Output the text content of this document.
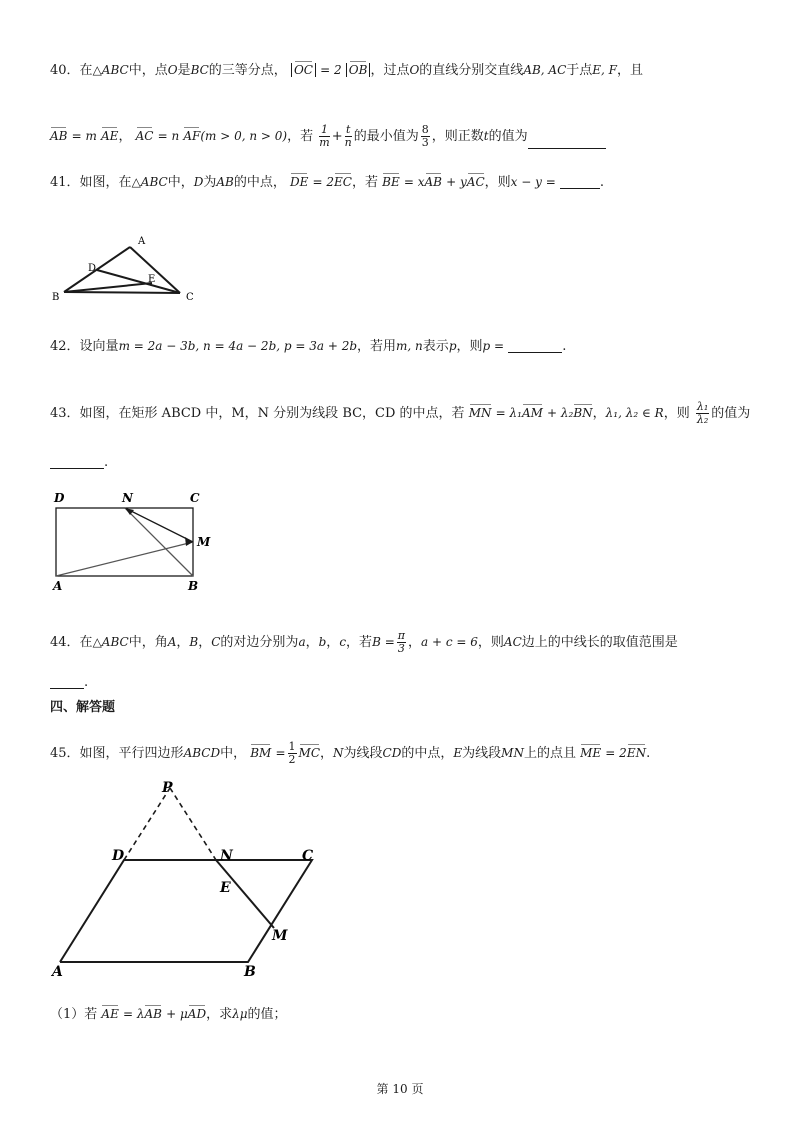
40．在△ABC中，点O是BC的三等分点， OC = 2 OB ，过点O的直线分别交直线AB, AC于点E, F，且
AB = m AE， AC = n AF(m > 0, n > 0)，若 $\frac{1}{m} + \frac{t}{n}$ 的最小值为 $\frac{8}{3}$ ，则正数t的值为
41．如图，在△ABC中，D为AB的中点， DE = 2EC，若 BE = xAB + yAC，则x − y =	.
A
B	C
D
E
42．设向量m = 2a − 3b, n = 4a − 2b, p = 3a + 2b，若用m, n表示p，则p =	.
43．如图，在矩形 ABCD 中，M，N 分别为线段 BC，CD 的中点，若 MN = λ₁AM + λ₂BN，λ₁, λ₂ ∈ R，则 $\frac{\text{λ₁}}{\text{λ₂}}$ 的值为
.
D	N	C
M
A	B
44．在△ABC中，角A，B，C的对边分别为a，b，c，若$B = \frac{\pi}{3}$ ，a + c = 6，则AC边上的中线长的取值范围是
.
四、解答题
45．如图，平行四边形ABCD中， BM = $\frac{1}{2}$ MC，N为线段CD的中点，E为线段MN上的点且 ME = 2EN.
P
D	N	C
E
M
A	B
（1）若 AE = λAB + μAD，求λμ的值；
第 10 页
